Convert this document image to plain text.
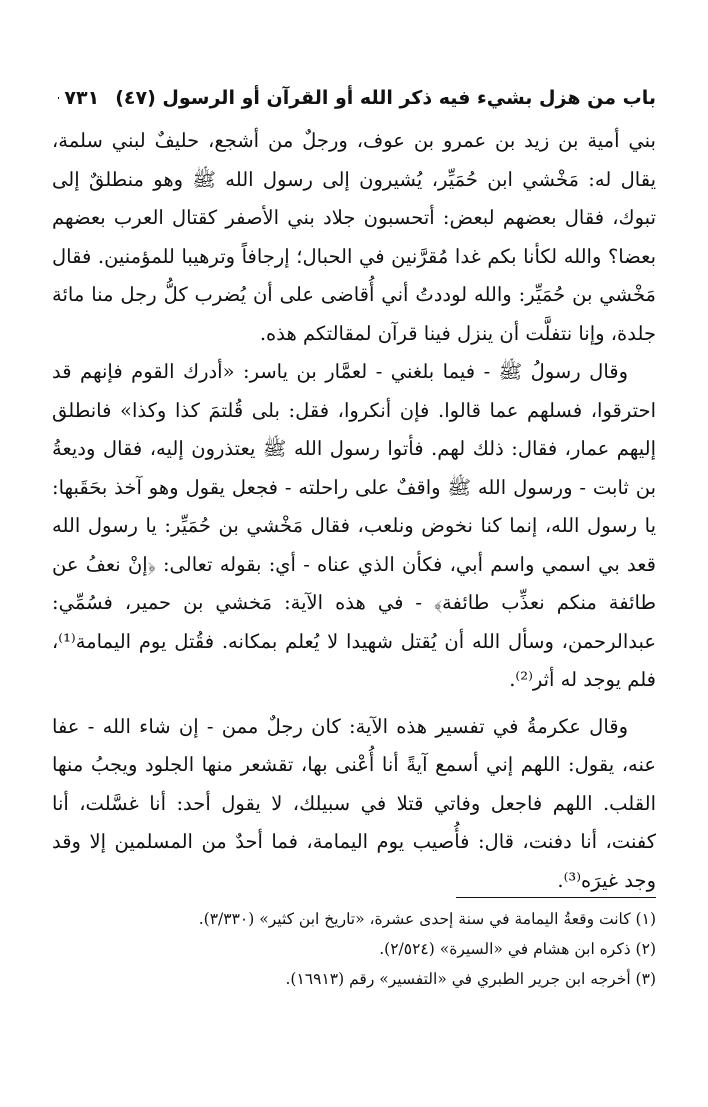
باب من هزل بشيء فيه ذكر الله أو القرآن أو الرسول (٤٧)
٧٣١

بني أمية بن زيد بن عمرو بن عوف، ورجلٌ من أشجع، حليفٌ لبني سلمة، يقال له: مَخْشي ابن حُمَيِّر، يُشيرون إلى رسول الله ﷺ وهو منطلقٌ إلى تبوك، فقال بعضهم لبعض: أتحسبون جلاد بني الأصفر كقتال العرب بعضهم بعضا؟ والله لكأنا بكم غدا مُقرَّنين في الحبال؛ إرجافاً وترهيبا للمؤمنين. فقال مَخْشي بن حُمَيِّر: والله لوددتُ أني أُقاضى على أن يُضرب كلُّ رجل منا مائة جلدة، وإنا نتفلَّت أن ينزل فينا قرآن لمقالتكم هذه.

وقال رسولُ ﷺ - فيما بلغني - لعمَّار بن ياسر: «أدرك القوم فإنهم قد احترقوا، فسلهم عما قالوا. فإن أنكروا، فقل: بلى قُلتمَ كذا وكذا» فانطلق إليهم عمار، فقال: ذلك لهم. فأتوا رسول الله ﷺ يعتذرون إليه، فقال وديعةُ بن ثابت - ورسول الله ﷺ واقفٌ على راحلته - فجعل يقول وهو آخذ بحَقَبها: يا رسول الله، إنما كنا نخوض ونلعب، فقال مَخْشي بن حُمَيِّر: يا رسول الله قعد بي اسمي واسم أبي، فكأن الذي عناه - أي: بقوله تعالى: ﴿إنْ نعفُ عن طائفة منكم نعذِّب طائفة﴾ - في هذه الآية: مَخشي بن حمير، فسُمِّي: عبدالرحمن، وسأل الله أن يُقتل شهيدا لا يُعلم بمكانه. فقُتل يوم اليمامة⁽¹⁾، فلم يوجد له أثر⁽²⁾.

وقال عكرمةُ في تفسير هذه الآية: كان رجلٌ ممن - إن شاء الله - عفا عنه، يقول: اللهم إني أسمع آيةً أنا أُعْنى بها، تقشعر منها الجلود ويجبُ منها القلب. اللهم فاجعل وفاتي قتلا في سبيلك، لا يقول أحد: أنا غسَّلت، أنا كفنت، أنا دفنت، قال: فأُصيب يوم اليمامة، فما أحدٌ من المسلمين إلا وقد وجد غيرَه⁽³⁾.

(١) كانت وقعةُ اليمامة في سنة إحدى عشرة، «تاريخ ابن كثير» (٣/٣٣٠).
(٢) ذكره ابن هشام في «السيرة» (٢/٥٢٤).
(٣) أخرجه ابن جرير الطبري في «التفسير» رقم (١٦٩١٣).
